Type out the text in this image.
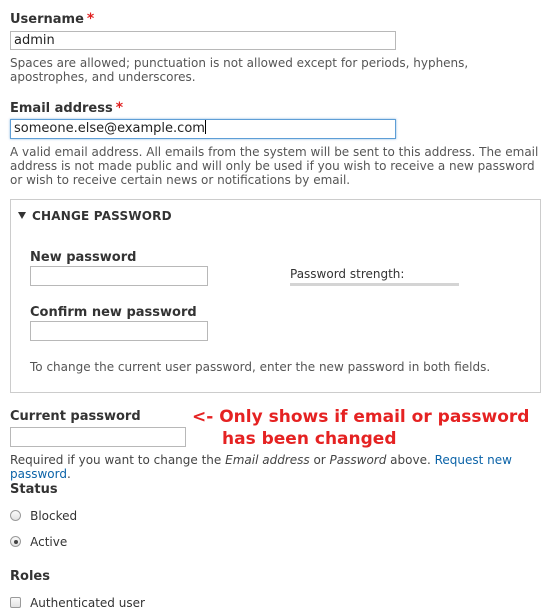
Username *
admin
Spaces are allowed; punctuation is not allowed except for periods, hyphens, apostrophes, and underscores.
Email address *
someone.else@example.com
A valid email address. All emails from the system will be sent to this address. The email address is not made public and will only be used if you wish to receive a new password or wish to receive certain news or notifications by email.
CHANGE PASSWORD
New password
Password strength:
Confirm new password
To change the current user password, enter the new password in both fields.
Current password
Required if you want to change the Email address or Password above. Request new password.
<- Only shows if email or password
has been changed
Status
Blocked
Active
Roles
Authenticated user
